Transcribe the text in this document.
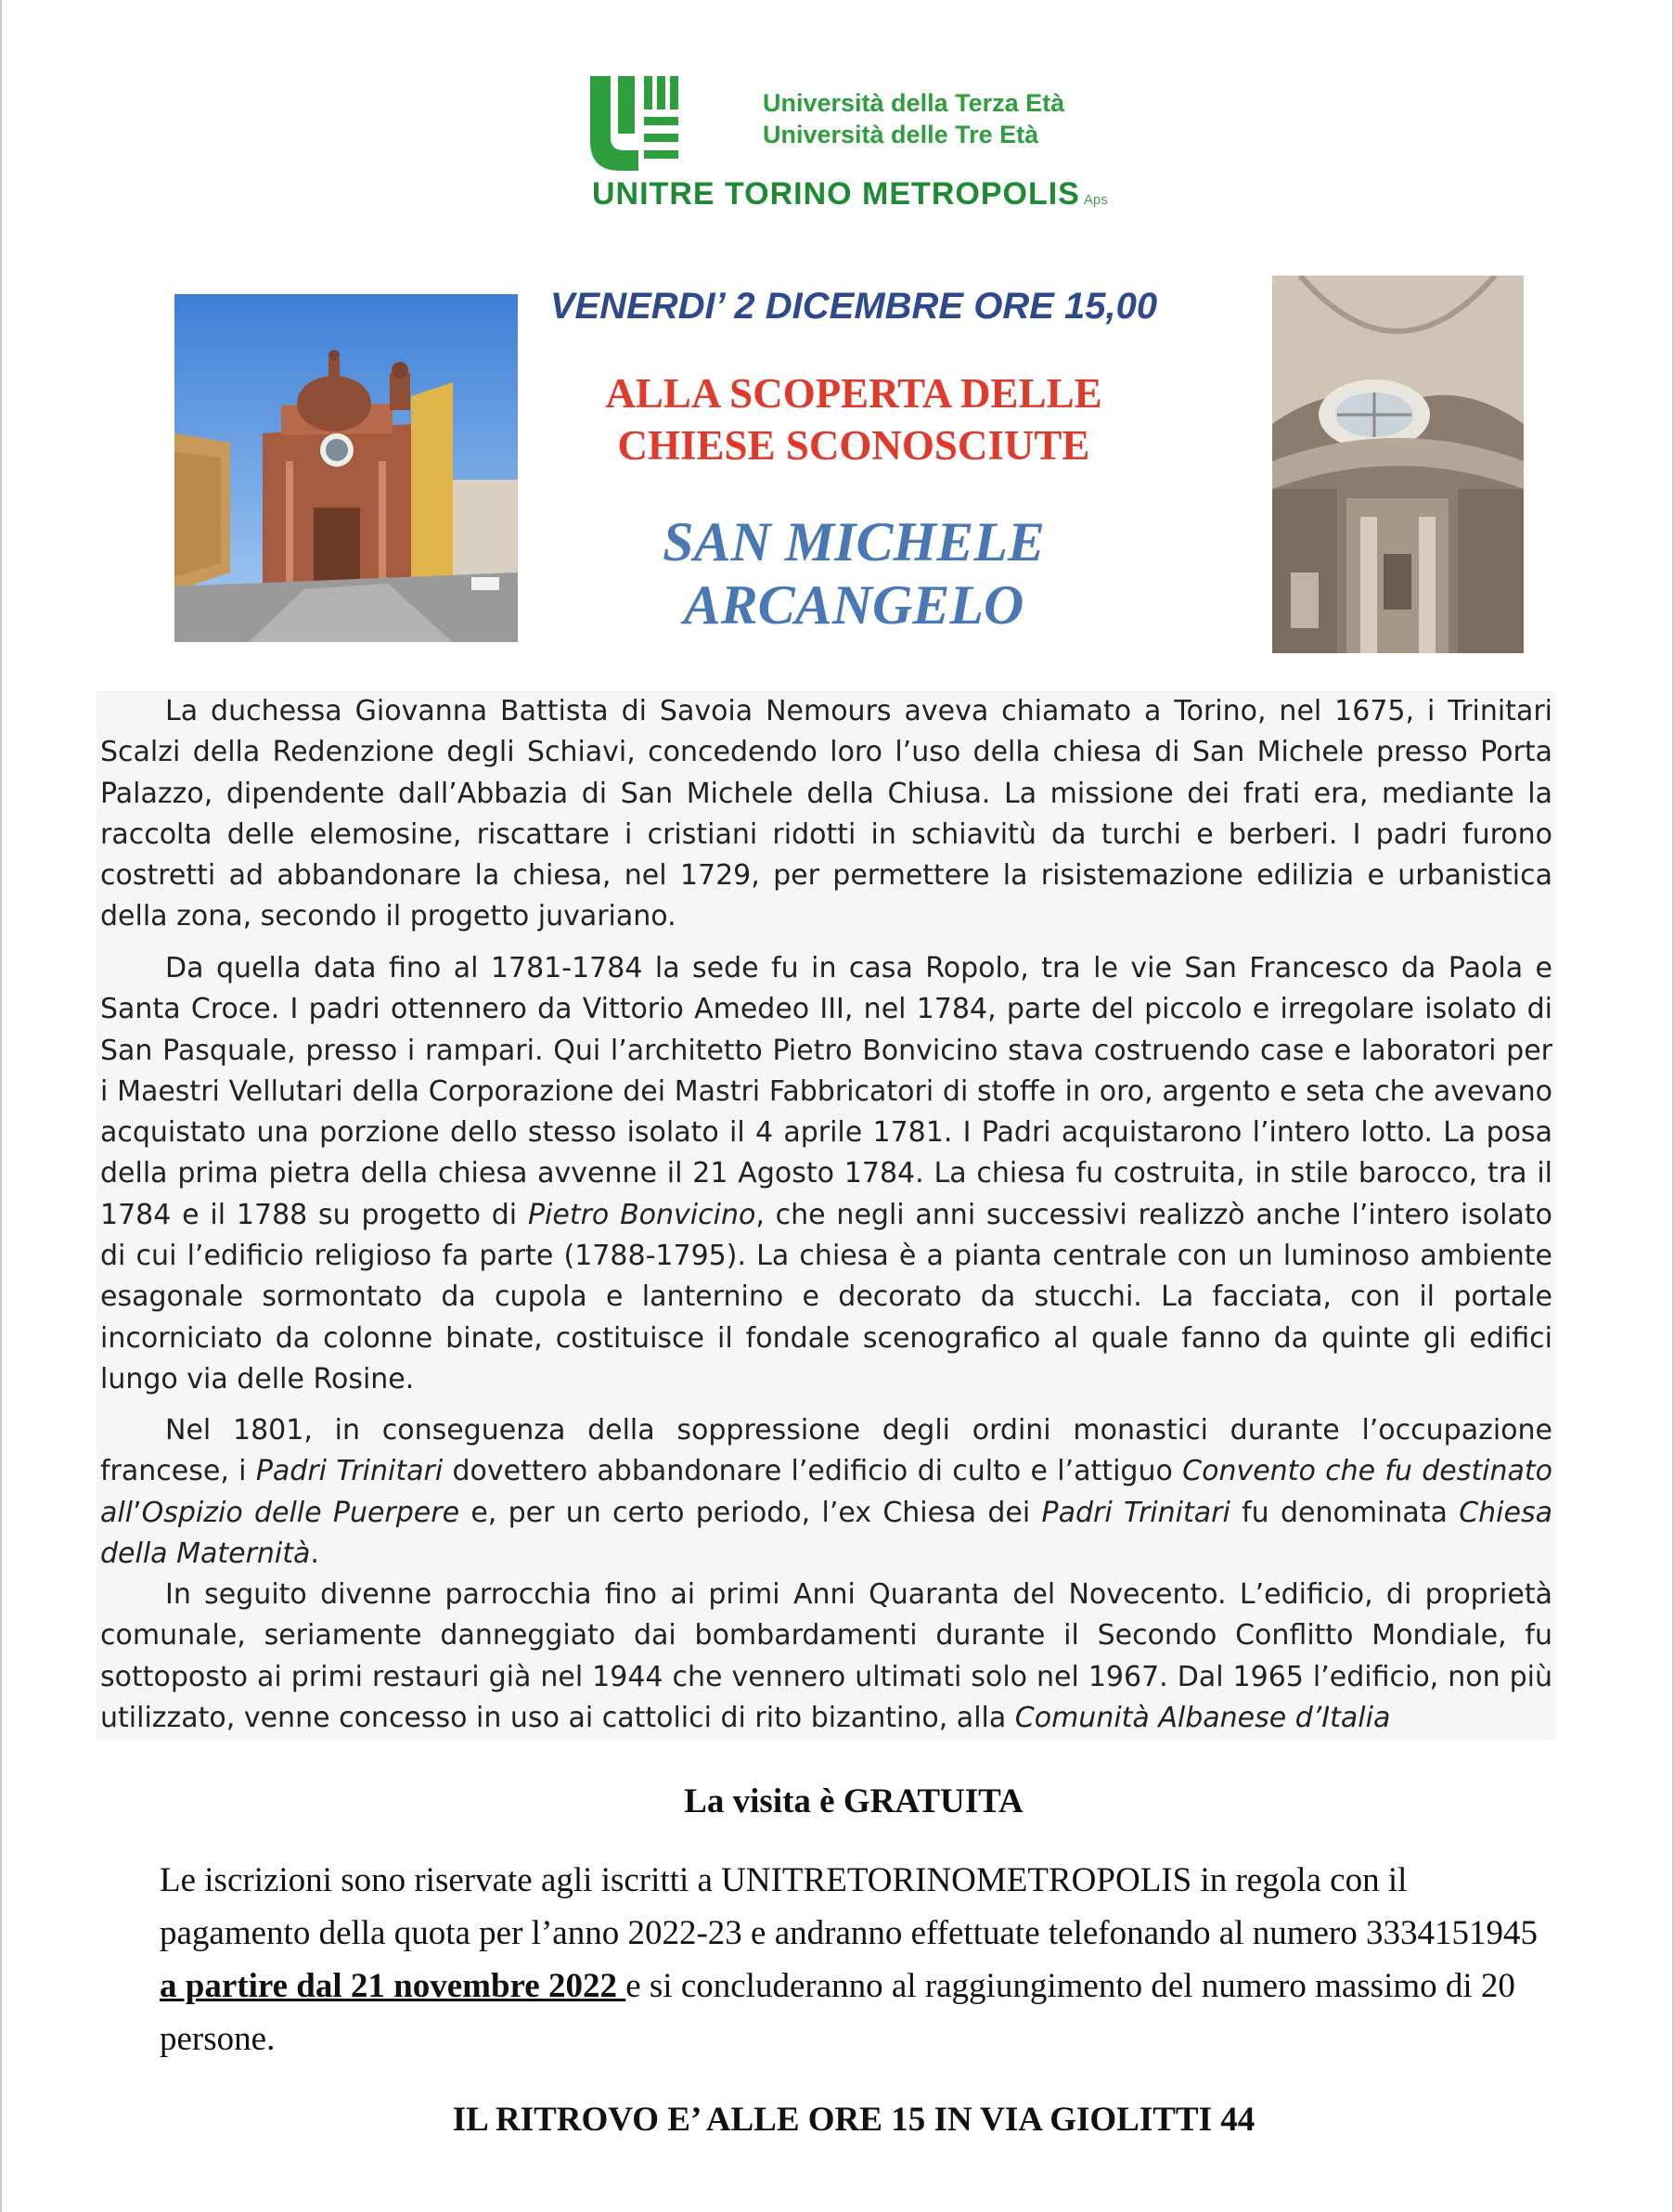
Università della Terza Età
Università delle Tre Età
UNITRE TORINO METROPOLIS Aps
VENERDI’ 2 DICEMBRE ORE 15,00
ALLA SCOPERTA DELLE
CHIESE SCONOSCIUTE
SAN MICHELE
ARCANGELO

La duchessa Giovanna Battista di Savoia Nemours aveva chiamato a Torino, nel 1675, i Trinitari Scalzi della Redenzione degli Schiavi, concedendo loro l’uso della chiesa di San Michele presso Porta Palazzo, dipendente dall’Abbazia di San Michele della Chiusa. La missione dei frati era, mediante la raccolta delle elemosine, riscattare i cristiani ridotti in schiavitù da turchi e berberi. I padri furono costretti ad abbandonare la chiesa, nel 1729, per permettere la risistemazione edilizia e urbanistica della zona, secondo il progetto juvariano.

Da quella data fino al 1781-1784 la sede fu in casa Ropolo, tra le vie San Francesco da Paola e Santa Croce. I padri ottennero da Vittorio Amedeo III, nel 1784, parte del piccolo e irregolare isolato di San Pasquale, presso i rampari. Qui l’architetto Pietro Bonvicino stava costruendo case e laboratori per i Maestri Vellutari della Corporazione dei Mastri Fabbricatori di stoffe in oro, argento e seta che avevano acquistato una porzione dello stesso isolato il 4 aprile 1781. I Padri acquistarono l’intero lotto. La posa della prima pietra della chiesa avvenne il 21 Agosto 1784. La chiesa fu costruita, in stile barocco, tra il 1784 e il 1788 su progetto di Pietro Bonvicino, che negli anni successivi realizzò anche l’intero isolato di cui l’edificio religioso fa parte (1788-1795). La chiesa è a pianta centrale con un luminoso ambiente esagonale sormontato da cupola e lanternino e decorato da stucchi. La facciata, con il portale incorniciato da colonne binate, costituisce il fondale scenografico al quale fanno da quinte gli edifici lungo via delle Rosine.

Nel 1801, in conseguenza della soppressione degli ordini monastici durante l’occupazione francese, i Padri Trinitari dovettero abbandonare l’edificio di culto e l’attiguo Convento che fu destinato all’Ospizio delle Puerpere e, per un certo periodo, l’ex Chiesa dei Padri Trinitari fu denominata Chiesa della Maternità.

In seguito divenne parrocchia fino ai primi Anni Quaranta del Novecento. L’edificio, di proprietà comunale, seriamente danneggiato dai bombardamenti durante il Secondo Conflitto Mondiale, fu sottoposto ai primi restauri già nel 1944 che vennero ultimati solo nel 1967. Dal 1965 l’edificio, non più utilizzato, venne concesso in uso ai cattolici di rito bizantino, alla Comunità Albanese d’Italia

La visita è GRATUITA
Le iscrizioni sono riservate agli iscritti a UNITRETORINOMETROPOLIS in regola con il pagamento della quota per l’anno 2022-23 e andranno effettuate telefonando al numero 3334151945 a partire dal 21 novembre 2022 e si concluderanno al raggiungimento del numero massimo di 20 persone.
IL RITROVO E’ ALLE ORE 15 IN VIA GIOLITTI 44
